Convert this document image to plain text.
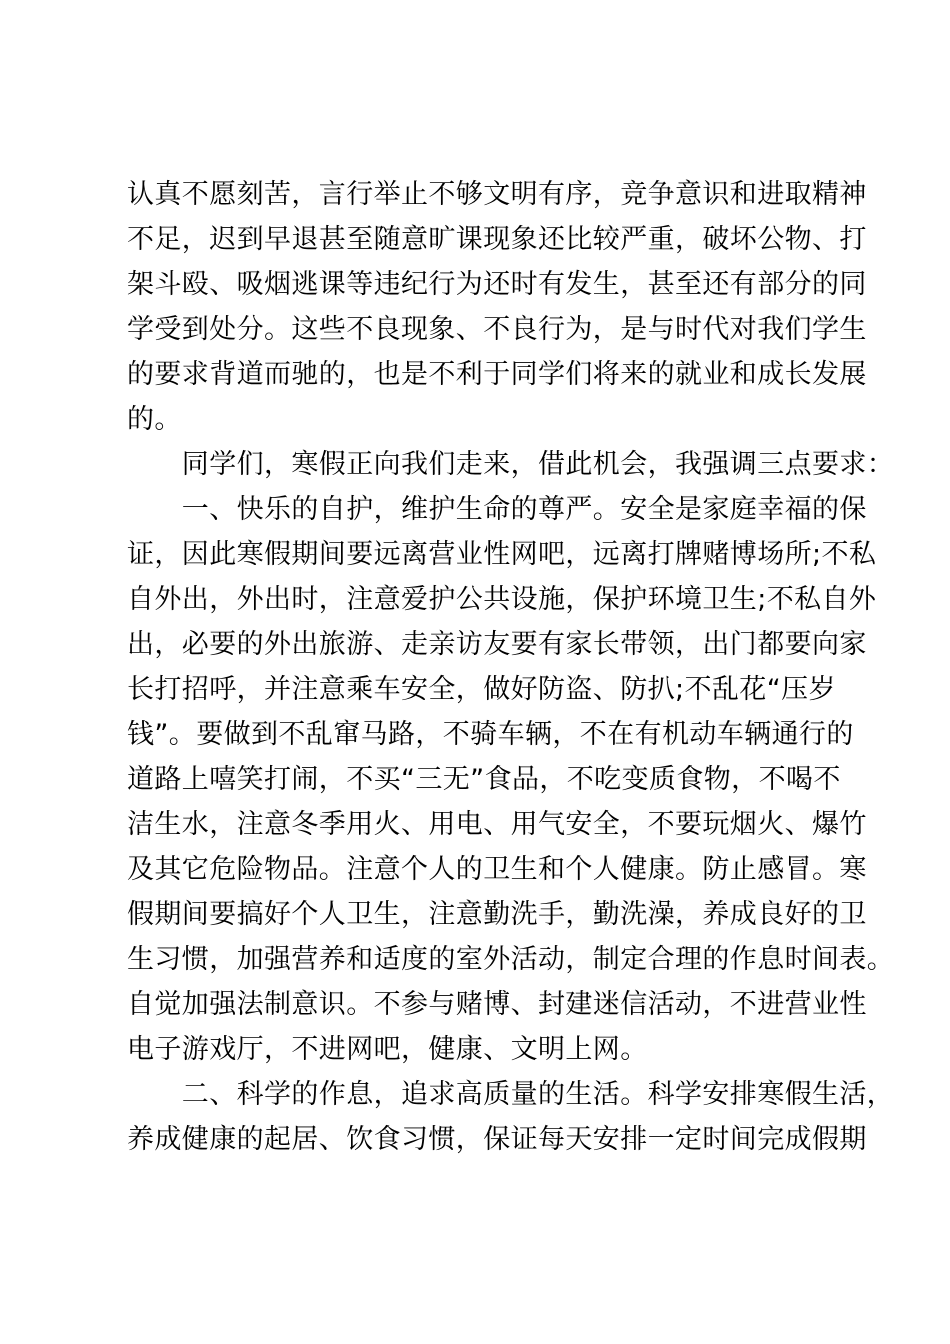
认真不愿刻苦，言行举止不够文明有序，竞争意识和进取精神
不足，迟到早退甚至随意旷课现象还比较严重，破坏公物、打
架斗殴、吸烟逃课等违纪行为还时有发生，甚至还有部分的同
学受到处分。这些不良现象、不良行为，是与时代对我们学生
的要求背道而驰的，也是不利于同学们将来的就业和成长发展
的。
　　同学们，寒假正向我们走来，借此机会，我强调三点要求：
　　一、快乐的自护，维护生命的尊严。安全是家庭幸福的保
证，因此寒假期间要远离营业性网吧，远离打牌赌博场所;不私
自外出，外出时，注意爱护公共设施，保护环境卫生;不私自外
出，必要的外出旅游、走亲访友要有家长带领，出门都要向家
长打招呼，并注意乘车安全，做好防盗、防扒;不乱花“压岁
钱”。要做到不乱窜马路，不骑车辆，不在有机动车辆通行的
道路上嘻笑打闹，不买“三无”食品，不吃变质食物，不喝不
洁生水，注意冬季用火、用电、用气安全，不要玩烟火、爆竹
及其它危险物品。注意个人的卫生和个人健康。防止感冒。寒
假期间要搞好个人卫生，注意勤洗手，勤洗澡，养成良好的卫
生习惯，加强营养和适度的室外活动，制定合理的作息时间表。
自觉加强法制意识。不参与赌博、封建迷信活动，不进营业性
电子游戏厅，不进网吧，健康、文明上网。
　　二、科学的作息，追求高质量的生活。科学安排寒假生活，
养成健康的起居、饮食习惯，保证每天安排一定时间完成假期
